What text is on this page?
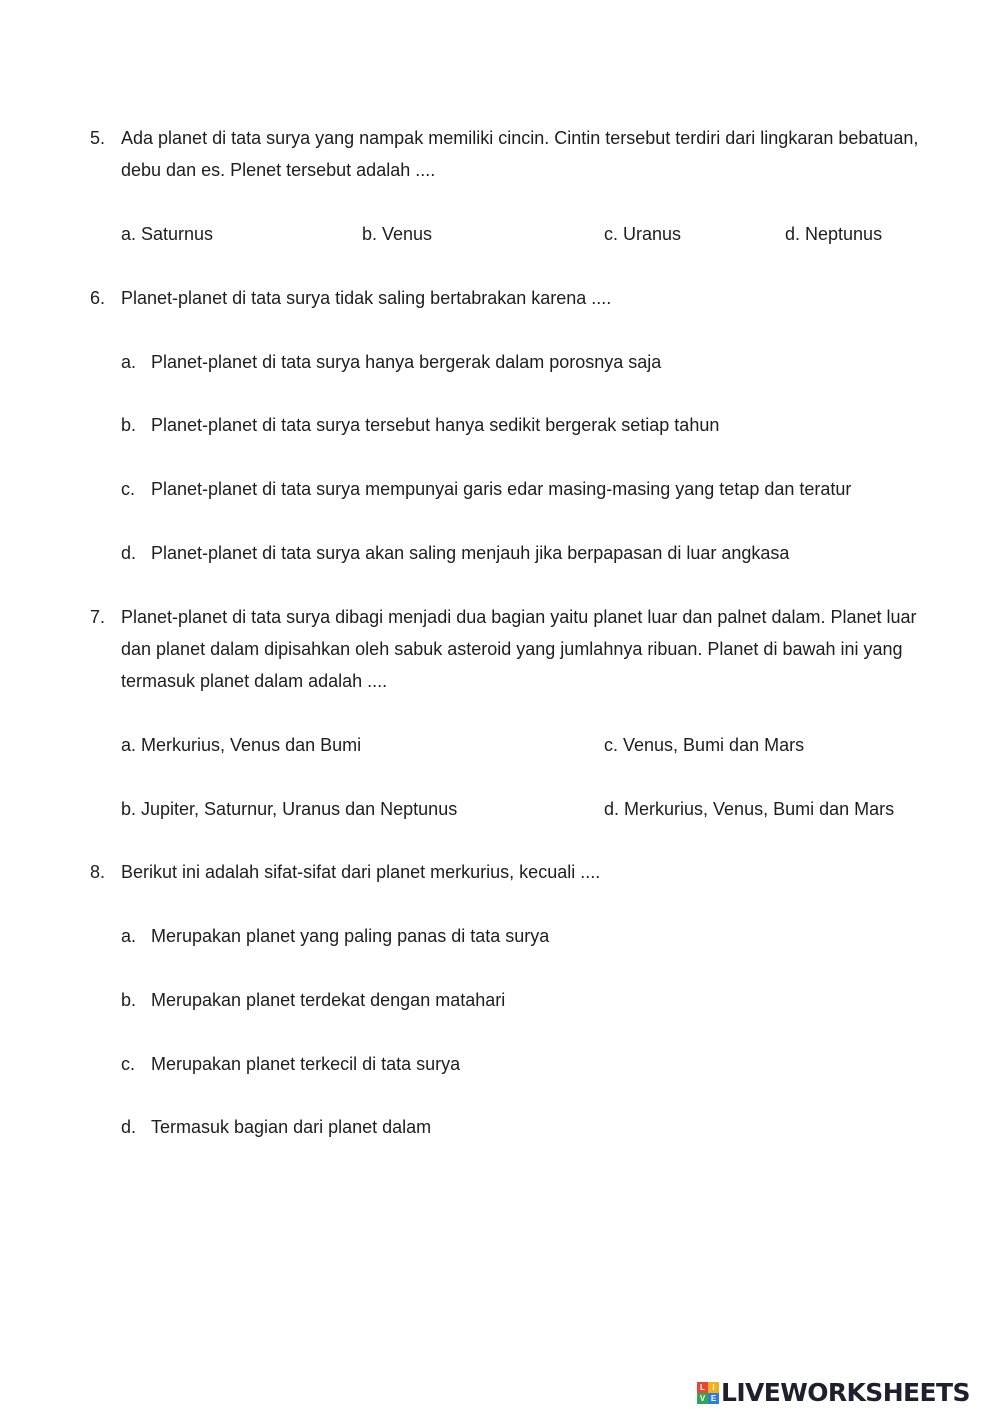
5. Ada planet di tata surya yang nampak memiliki cincin. Cintin tersebut terdiri dari lingkaran bebatuan, debu dan es. Plenet tersebut adalah ....
a. Saturnus	b. Venus	c. Uranus	d. Neptunus
6. Planet-planet di tata surya tidak saling bertabrakan karena ....
a. Planet-planet di tata surya hanya bergerak dalam porosnya saja
b. Planet-planet di tata surya tersebut hanya sedikit bergerak setiap tahun
c. Planet-planet di tata surya mempunyai garis edar masing-masing yang tetap dan teratur
d. Planet-planet di tata surya akan saling menjauh jika berpapasan di luar angkasa
7. Planet-planet di tata surya dibagi menjadi dua bagian yaitu planet luar dan palnet dalam. Planet luar dan planet dalam dipisahkan oleh sabuk asteroid yang jumlahnya ribuan. Planet di bawah ini yang termasuk planet dalam adalah ....
a. Merkurius, Venus dan Bumi	c. Venus, Bumi dan Mars
b. Jupiter, Saturnur, Uranus dan Neptunus	d. Merkurius, Venus, Bumi dan Mars
8. Berikut ini adalah sifat-sifat dari planet merkurius, kecuali ....
a. Merupakan planet yang paling panas di tata surya
b. Merupakan planet terdekat dengan matahari
c. Merupakan planet terkecil di tata surya
d. Termasuk bagian dari planet dalam
L I
V E LIVEWORKSHEETS
